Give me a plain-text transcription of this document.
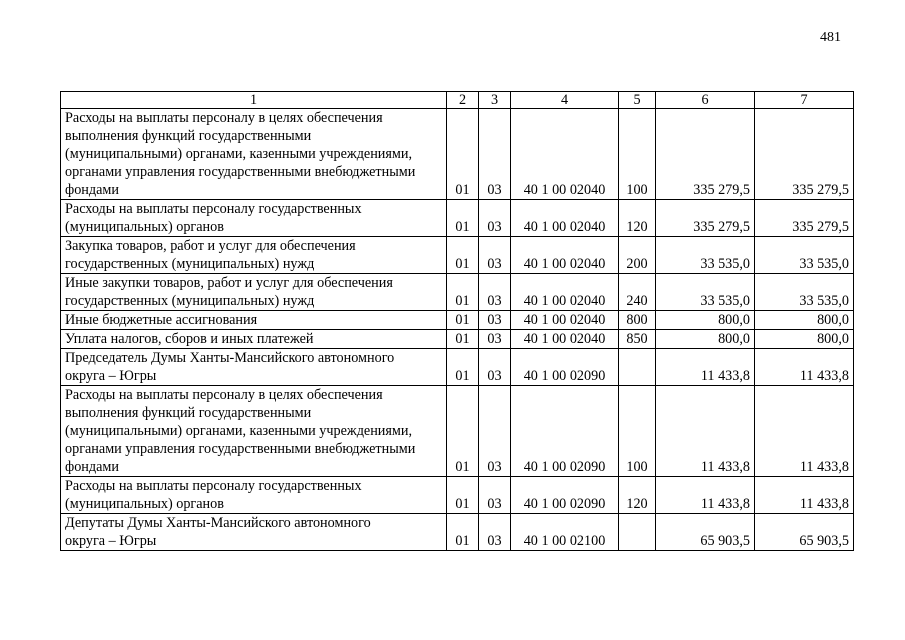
481
1	2	3	4	5	6	7

Расходы на выплаты персоналу в целях обеспечения
выполнения функций государственными
(муниципальными) органами, казенными учреждениями,
органами управления государственными внебюджетными
фондами	01	03	40 1 00 02040	100	335 279,5	335 279,5

Расходы на выплаты персоналу государственных
(муниципальных) органов	01	03	40 1 00 02040	120	335 279,5	335 279,5

Закупка товаров, работ и услуг для обеспечения
государственных (муниципальных) нужд	01	03	40 1 00 02040	200	33 535,0	33 535,0

Иные закупки товаров, работ и услуг для обеспечения
государственных (муниципальных) нужд	01	03	40 1 00 02040	240	33 535,0	33 535,0

Иные бюджетные ассигнования	01	03	40 1 00 02040	800	800,0	800,0

Уплата налогов, сборов и иных платежей	01	03	40 1 00 02040	850	800,0	800,0

Председатель Думы Ханты-Мансийского автономного
округа – Югры	01	03	40 1 00 02090		11 433,8	11 433,8

Расходы на выплаты персоналу в целях обеспечения
выполнения функций государственными
(муниципальными) органами, казенными учреждениями,
органами управления государственными внебюджетными
фондами	01	03	40 1 00 02090	100	11 433,8	11 433,8

Расходы на выплаты персоналу государственных
(муниципальных) органов	01	03	40 1 00 02090	120	11 433,8	11 433,8

Депутаты Думы Ханты-Мансийского автономного
округа – Югры	01	03	40 1 00 02100		65 903,5	65 903,5
